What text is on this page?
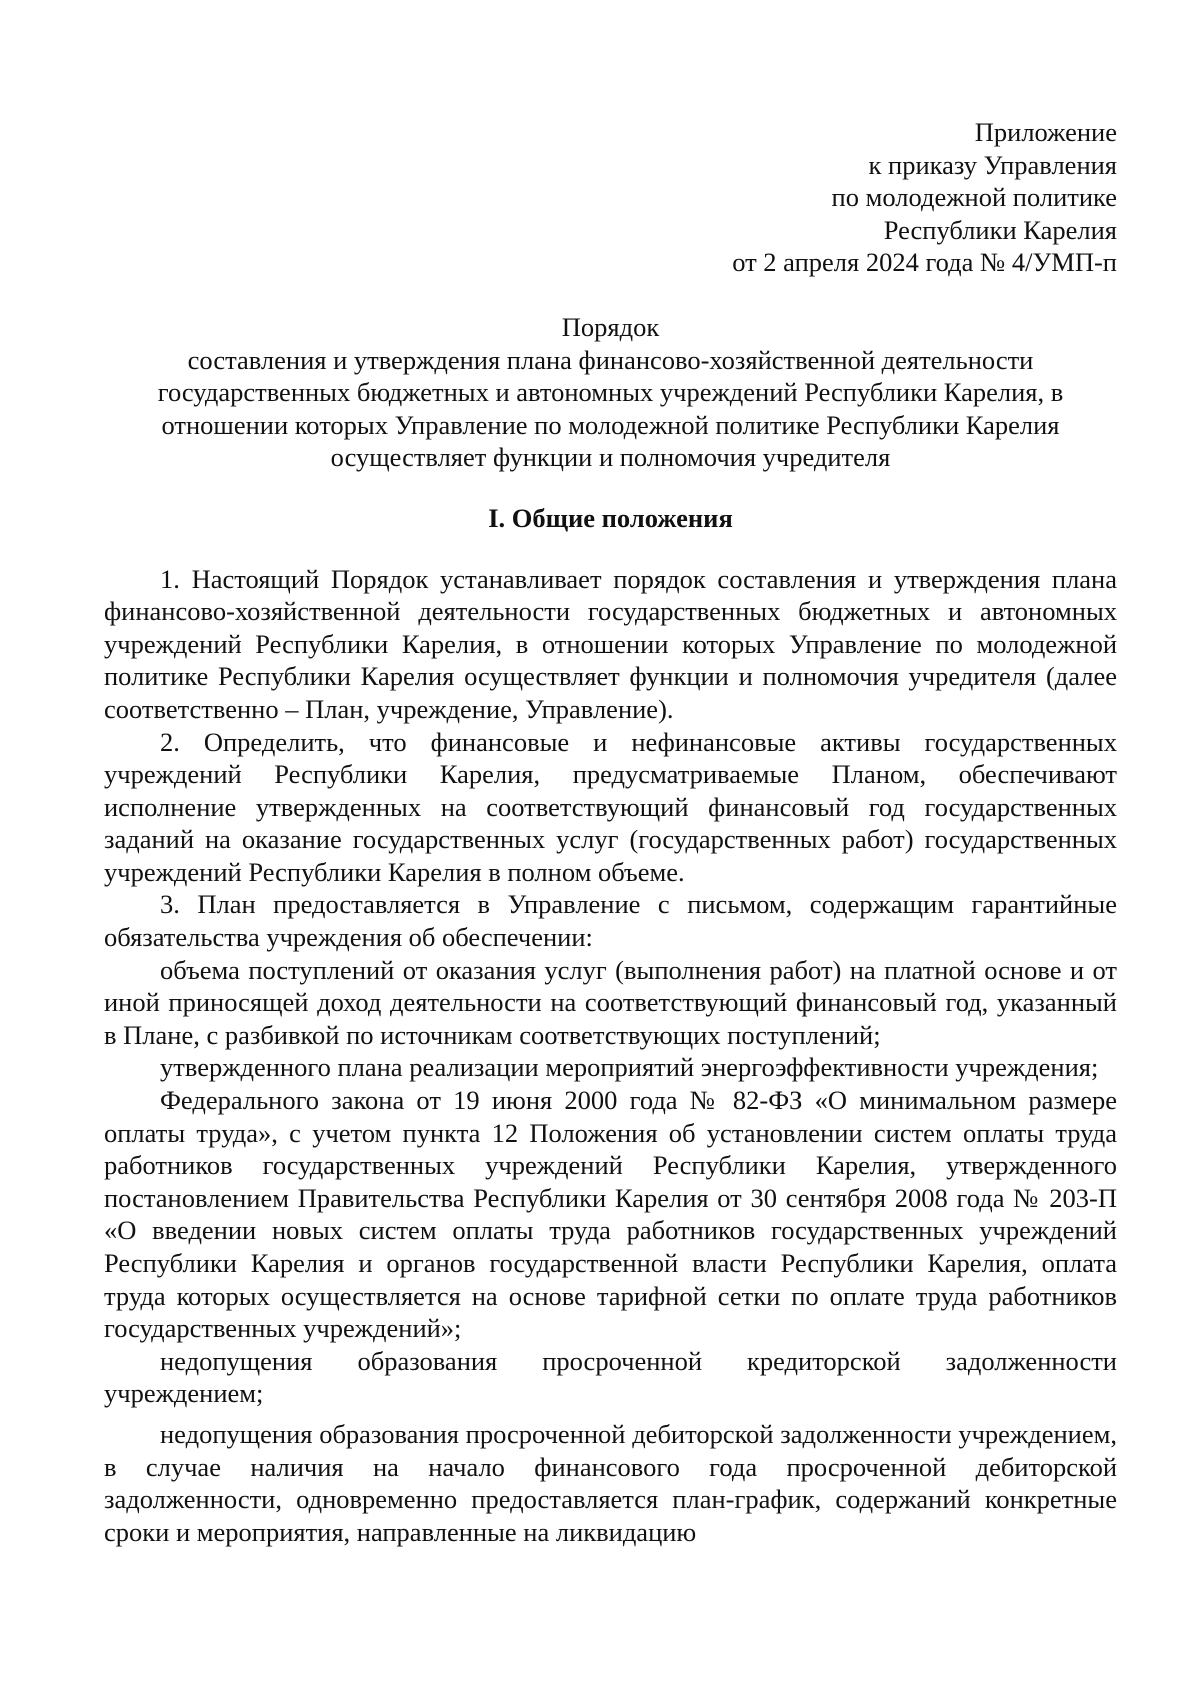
Приложение
к приказу Управления
по молодежной политике
Республики Карелия
от 2 апреля 2024 года № 4/УМП-п
Порядок
составления и утверждения плана финансово-хозяйственной деятельности
государственных бюджетных и автономных учреждений Республики Карелия, в
отношении которых Управление по молодежной политике Республики Карелия
осуществляет функции и полномочия учредителя
I. Общие положения

1. Настоящий Порядок устанавливает порядок составления и утверждения плана финансово-хозяйственной деятельности государственных бюджетных и автономных учреждений Республики Карелия, в отношении которых Управление по молодежной политике Республики Карелия осуществляет функции и полномочия учредителя (далее соответственно – План, учреждение, Управление).

2. Определить, что финансовые и нефинансовые активы государственных учреждений Республики Карелия, предусматриваемые Планом, обеспечивают исполнение утвержденных на соответствующий финансовый год государственных заданий на оказание государственных услуг (государственных работ) государственных учреждений Республики Карелия в полном объеме.

3. План предоставляется в Управление с письмом, содержащим гарантийные обязательства учреждения об обеспечении:

объема поступлений от оказания услуг (выполнения работ) на платной основе и от иной приносящей доход деятельности на соответствующий финансовый год, указанный в Плане, с разбивкой по источникам соответствующих поступлений;

утвержденного плана реализации мероприятий энергоэффективности учреждения;

Федерального закона от 19 июня 2000 года № 82-ФЗ «О минимальном размере оплаты труда», с учетом пункта 12 Положения об установлении систем оплаты труда работников государственных учреждений Республики Карелия, утвержденного постановлением Правительства Республики Карелия от 30 сентября 2008 года № 203-П «О введении новых систем оплаты труда работников государственных учреждений Республики Карелия и органов государственной власти Республики Карелия, оплата труда которых осуществляется на основе тарифной сетки по оплате труда работников государственных учреждений»;

недопущения образования просроченной кредиторской задолженности учреждением;

недопущения образования просроченной дебиторской задолженности учреждением, в случае наличия на начало финансового года просроченной дебиторской задолженности, одновременно предоставляется план-график, содержаний конкретные сроки и мероприятия, направленные на ликвидацию
